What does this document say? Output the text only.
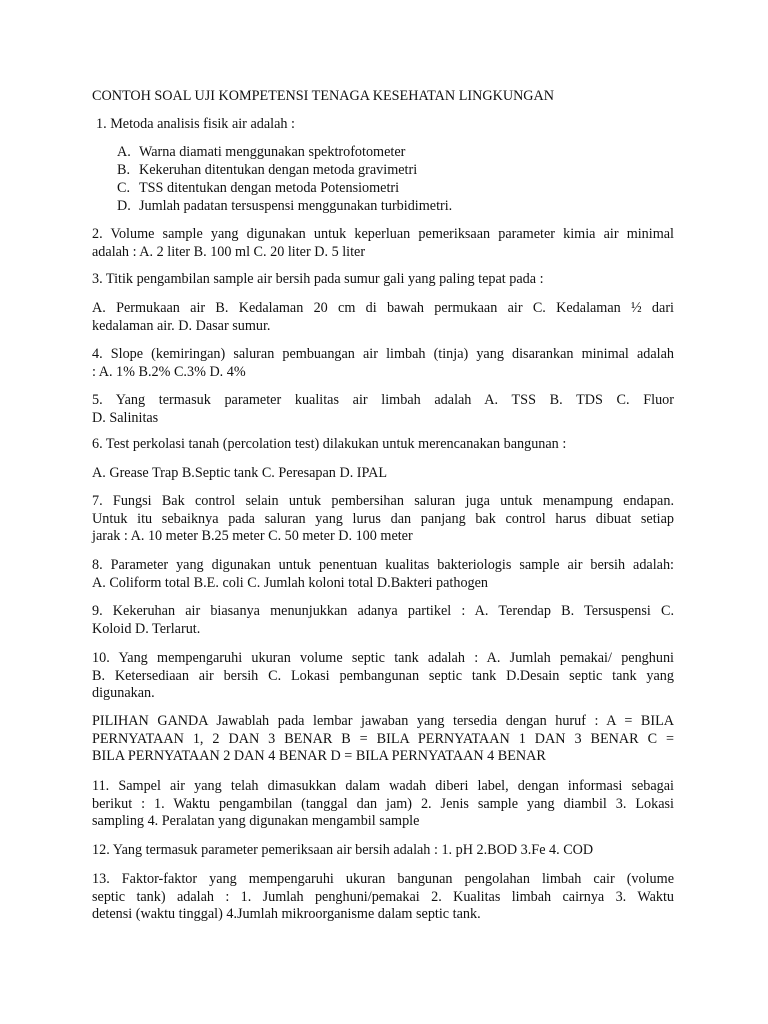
CONTOH SOAL UJI KOMPETENSI TENAGA KESEHATAN LINGKUNGAN

1. Metoda analisis fisik air adalah :

A. Warna diamati menggunakan spektrofotometer
B. Kekeruhan ditentukan dengan metoda gravimetri
C. TSS ditentukan dengan metoda Potensiometri
D. Jumlah padatan tersuspensi menggunakan turbidimetri.

2. Volume sample yang digunakan untuk keperluan pemeriksaan parameter kimia air minimal

adalah : A. 2 liter B. 100 ml C. 20 liter D. 5 liter

3. Titik pengambilan sample air bersih pada sumur gali yang paling tepat pada :

A. Permukaan air B. Kedalaman 20 cm di bawah permukaan air C. Kedalaman ½ dari

kedalaman air. D. Dasar sumur.

4. Slope (kemiringan) saluran pembuangan air limbah (tinja) yang disarankan minimal adalah

: A. 1% B.2% C.3% D. 4%

5. Yang termasuk parameter kualitas air limbah adalah A. TSS B. TDS C. Fluor

D. Salinitas

6. Test perkolasi tanah (percolation test) dilakukan untuk merencanakan bangunan :

A. Grease Trap B.Septic tank C. Peresapan D. IPAL

7. Fungsi Bak control selain untuk pembersihan saluran juga untuk menampung endapan.

Untuk itu sebaiknya pada saluran yang lurus dan panjang bak control harus dibuat setiap

jarak : A. 10 meter B.25 meter C. 50 meter D. 100 meter

8. Parameter yang digunakan untuk penentuan kualitas bakteriologis sample air bersih adalah:

A. Coliform total B.E. coli C. Jumlah koloni total D.Bakteri pathogen

9. Kekeruhan air biasanya menunjukkan adanya partikel : A. Terendap B. Tersuspensi C.

Koloid D. Terlarut.

10. Yang mempengaruhi ukuran volume septic tank adalah : A. Jumlah pemakai/ penghuni

B. Ketersediaan air bersih C. Lokasi pembangunan septic tank D.Desain septic tank yang

digunakan.

PILIHAN GANDA Jawablah pada lembar jawaban yang tersedia dengan huruf : A = BILA

PERNYATAAN 1, 2 DAN 3 BENAR B = BILA PERNYATAAN 1 DAN 3 BENAR C =

BILA PERNYATAAN 2 DAN 4 BENAR D = BILA PERNYATAAN 4 BENAR

11. Sampel air yang telah dimasukkan dalam wadah diberi label, dengan informasi sebagai

berikut : 1. Waktu pengambilan (tanggal dan jam) 2. Jenis sample yang diambil 3. Lokasi

sampling 4. Peralatan yang digunakan mengambil sample

12. Yang termasuk parameter pemeriksaan air bersih adalah : 1. pH 2.BOD 3.Fe 4. COD

13. Faktor-faktor yang mempengaruhi ukuran bangunan pengolahan limbah cair (volume

septic tank) adalah : 1. Jumlah penghuni/pemakai 2. Kualitas limbah cairnya 3. Waktu

detensi (waktu tinggal) 4.Jumlah mikroorganisme dalam septic tank.
